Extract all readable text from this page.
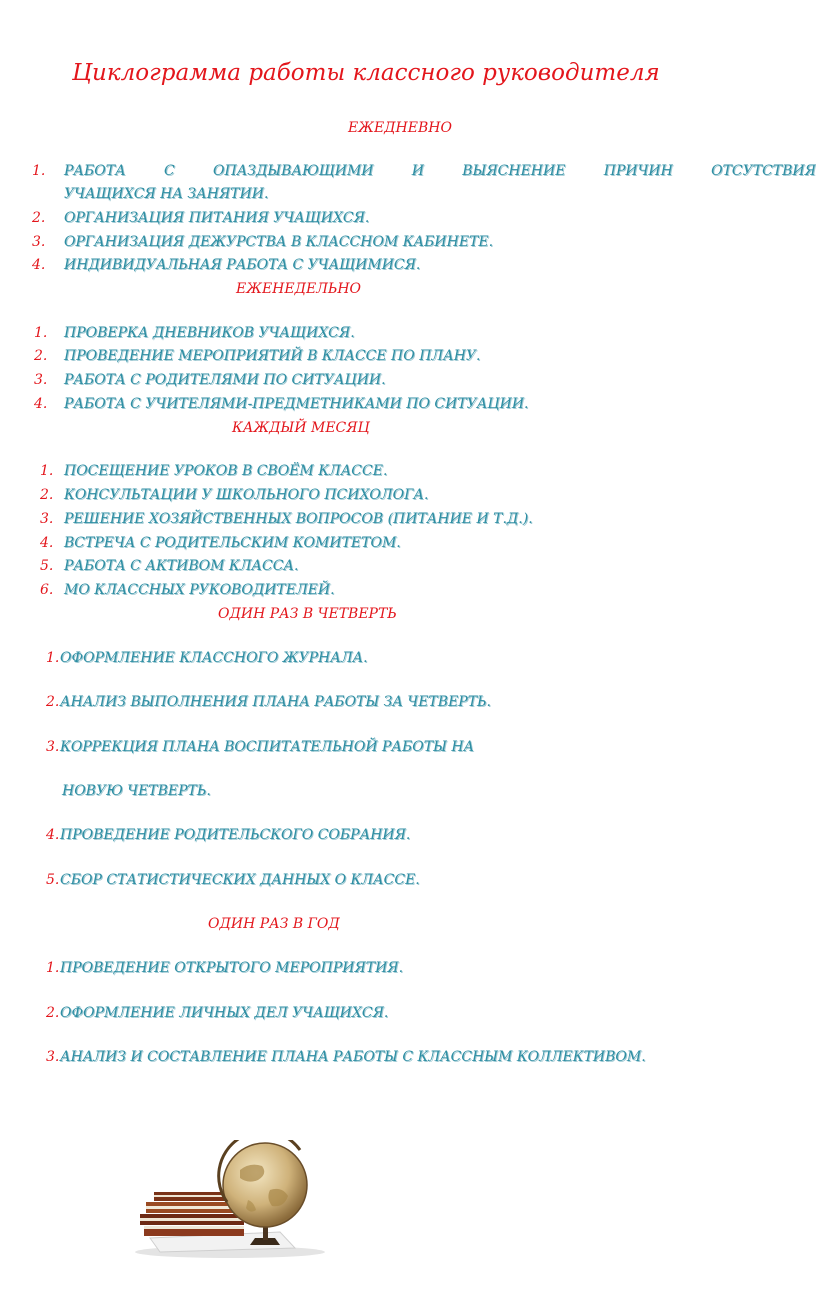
Циклограмма работы классного руководителя
ЕЖЕДНЕВНО
1. РАБОТА	С	ОПАЗДЫВАЮЩИМИ	И	ВЫЯСНЕНИЕ	ПРИЧИН	ОТСУТСТВИЯ
УЧАЩИХСЯ НА ЗАНЯТИИ.
2. ОРГАНИЗАЦИЯ ПИТАНИЯ УЧАЩИХСЯ.
3. ОРГАНИЗАЦИЯ ДЕЖУРСТВА В КЛАССНОМ КАБИНЕТЕ.
4. ИНДИВИДУАЛЬНАЯ РАБОТА С УЧАЩИМИСЯ.
ЕЖЕНЕДЕЛЬНО
1. ПРОВЕРКА ДНЕВНИКОВ УЧАЩИХСЯ.
2. ПРОВЕДЕНИЕ МЕРОПРИЯТИЙ В КЛАССЕ ПО ПЛАНУ.
3. РАБОТА С РОДИТЕЛЯМИ ПО СИТУАЦИИ.
4. РАБОТА С УЧИТЕЛЯМИ-ПРЕДМЕТНИКАМИ ПО СИТУАЦИИ.
КАЖДЫЙ МЕСЯЦ
1. ПОСЕЩЕНИЕ УРОКОВ В СВОЁМ КЛАССЕ.
2. КОНСУЛЬТАЦИИ У ШКОЛЬНОГО ПСИХОЛОГА.
3. РЕШЕНИЕ ХОЗЯЙСТВЕННЫХ ВОПРОСОВ (ПИТАНИЕ И Т.Д.).
4. ВСТРЕЧА С РОДИТЕЛЬСКИМ КОМИТЕТОМ.
5. РАБОТА С АКТИВОМ КЛАССА.
6. МО КЛАССНЫХ РУКОВОДИТЕЛЕЙ.
ОДИН РАЗ В ЧЕТВЕРТЬ
1. ОФОРМЛЕНИЕ КЛАССНОГО ЖУРНАЛА.
2. АНАЛИЗ ВЫПОЛНЕНИЯ ПЛАНА РАБОТЫ ЗА ЧЕТВЕРТЬ.
3. КОРРЕКЦИЯ ПЛАНА ВОСПИТАТЕЛЬНОЙ РАБОТЫ НА
НОВУЮ ЧЕТВЕРТЬ.
4. ПРОВЕДЕНИЕ РОДИТЕЛЬСКОГО СОБРАНИЯ.
5. СБОР СТАТИСТИЧЕСКИХ ДАННЫХ О КЛАССЕ.
ОДИН РАЗ В ГОД
1. ПРОВЕДЕНИЕ ОТКРЫТОГО МЕРОПРИЯТИЯ.
2. ОФОРМЛЕНИЕ ЛИЧНЫХ ДЕЛ УЧАЩИХСЯ.
3. АНАЛИЗ И СОСТАВЛЕНИЕ ПЛАНА РАБОТЫ С КЛАССНЫМ КОЛЛЕКТИВОМ.
